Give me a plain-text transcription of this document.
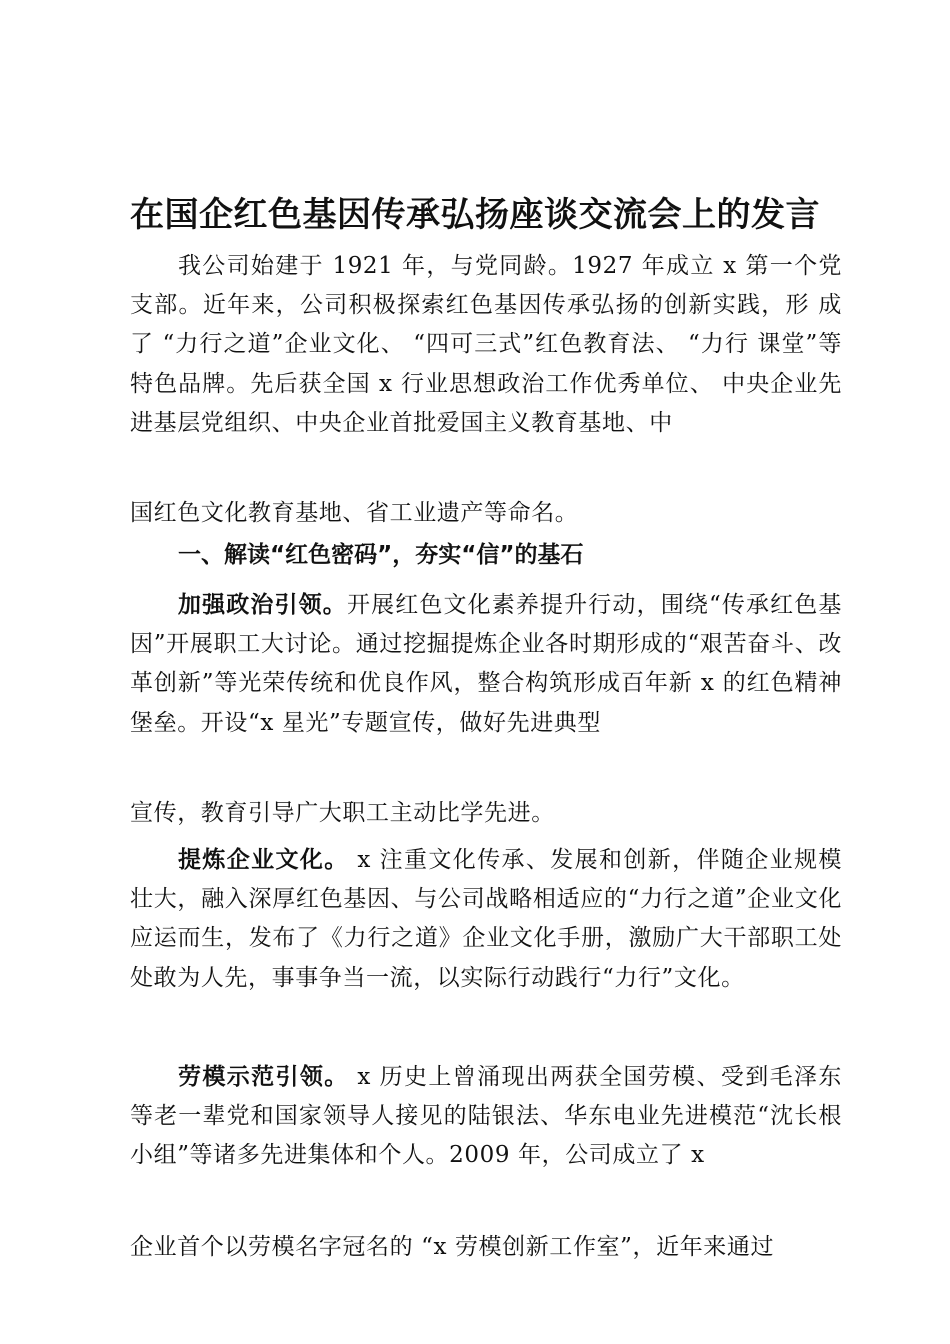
在国企红色基因传承弘扬座谈交流会上的发言

我公司始建于 1921 年，与党同龄。1927 年成立 x 第一个党 支部。近年来，公司积极探索红色基因传承弘扬的创新实践，形 成了 “力行之道”企业文化、 “四可三式”红色教育法、 “力行 课堂”等特色品牌。先后获全国 x 行业思想政治工作优秀单位、 中央企业先进基层党组织、中央企业首批爱国主义教育基地、中

国红色文化教育基地、省工业遗产等命名。

一、解读“红色密码”，夯实“信”的基石

加强政治引领。开展红色文化素养提升行动，围绕“传承红色基因”开展职工大讨论。通过挖掘提炼企业各时期形成的“艰苦奋斗、改革创新”等光荣传统和优良作风，整合构筑形成百年新 x 的红色精神堡垒。开设“x 星光”专题宣传，做好先进典型

宣传，教育引导广大职工主动比学先进。

提炼企业文化。 x 注重文化传承、发展和创新，伴随企业规模壮大，融入深厚红色基因、与公司战略相适应的“力行之道”企业文化应运而生，发布了《力行之道》企业文化手册，激励广大干部职工处处敢为人先，事事争当一流，以实际行动践行“力行”文化。

劳模示范引领。 x 历史上曾涌现出两获全国劳模、受到毛泽东等老一辈党和国家领导人接见的陆银法、华东电业先进模范“沈长根小组”等诸多先进集体和个人。2009 年，公司成立了 x

企业首个以劳模名字冠名的 “x 劳模创新工作室”，近年来通过
